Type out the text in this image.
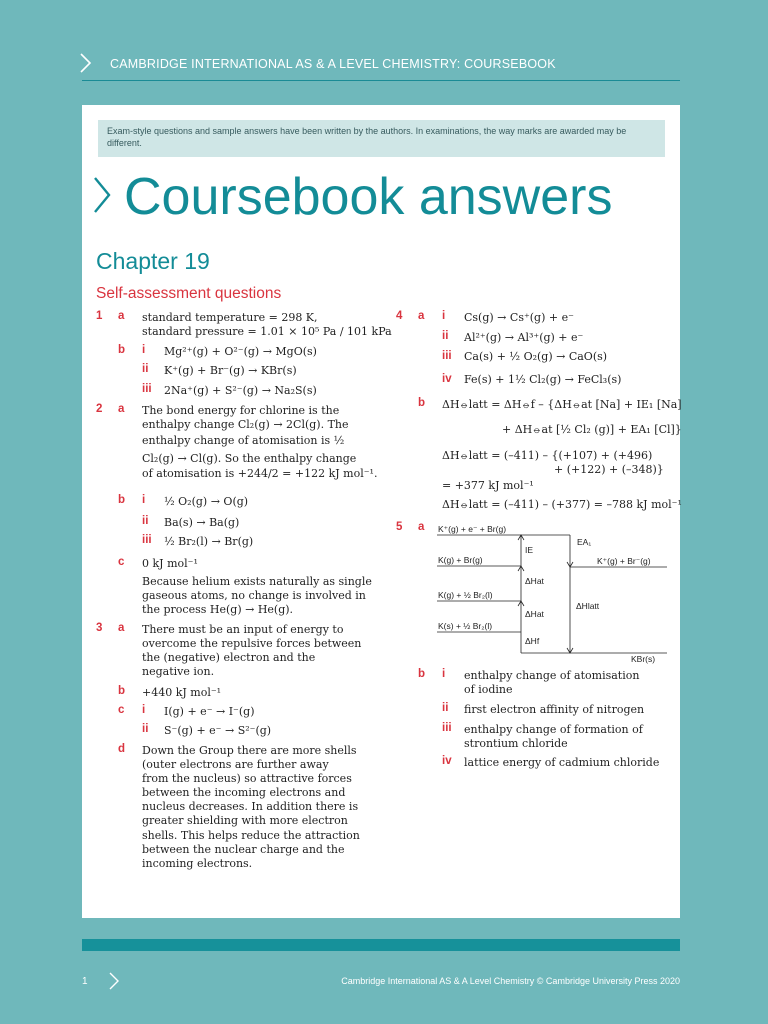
CAMBRIDGE INTERNATIONAL AS & A LEVEL CHEMISTRY: COURSEBOOK
Exam-style questions and sample answers have been written by the authors. In examinations, the way marks are awarded may be different.
Coursebook answers
Chapter 19
Self-assessment questions
1 a standard temperature = 298 K,
standard pressure = 1.01 × 10⁵ Pa / 101 kPa
b i Mg²⁺(g) + O²⁻(g) → MgO(s)
ii K⁺(g) + Br⁻(g) → KBr(s)
iii 2Na⁺(g) + S²⁻(g) → Na₂S(s)
2 a The bond energy for chlorine is the
enthalpy change Cl₂(g) → 2Cl(g). The
enthalpy change of atomisation is ½
Cl₂(g) → Cl(g). So the enthalpy change
of atomisation is +244/2 = +122 kJ mol⁻¹.
b i ½ O₂(g) → O(g)
ii Ba(s) → Ba(g)
iii ½ Br₂(l) → Br(g)
c 0 kJ mol⁻¹
Because helium exists naturally as single
gaseous atoms, no change is involved in
the process He(g) → He(g).
3 a There must be an input of energy to
overcome the repulsive forces between
the (negative) electron and the
negative ion.
b +440 kJ mol⁻¹
c i I(g) + e⁻ → I⁻(g)
ii S⁻(g) + e⁻ → S²⁻(g)
d Down the Group there are more shells
(outer electrons are further away
from the nucleus) so attractive forces
between the incoming electrons and
nucleus decreases. In addition there is
greater shielding with more electron
shells. This helps reduce the attraction
between the nuclear charge and the
incoming electrons.
4 a i Cs(g) → Cs⁺(g) + e⁻
ii Al²⁺(g) → Al³⁺(g) + e⁻
iii Ca(s) + ½ O₂(g) → CaO(s)
iv Fe(s) + 1½ Cl₂(g) → FeCl₃(s)
b ΔH⦵latt = ΔH⦵f – {ΔH⦵at [Na] + IE₁ [Na]
+ ΔH⦵at [½ Cl₂ (g)] + EA₁ [Cl]}
ΔH⦵latt = (–411) – {(+107) + (+496)
+ (+122) + (–348)}
= +377 kJ mol⁻¹
ΔH⦵latt = (–411) – (+377) = –788 kJ mol⁻¹
5 a K⁺(g) + e⁻ + Br(g)
K(g) + Br(g)
K(g) + ½ Br₂(l)
K(s) + ½ Br₂(l)
K⁺(g) + Br⁻(g)
KBr(s)
IE
EA₁
ΔHat
ΔHat
ΔHf
ΔHlatt
b i enthalpy change of atomisation
of iodine
ii first electron affinity of nitrogen
iii enthalpy change of formation of
strontium chloride
iv lattice energy of cadmium chloride
1	Cambridge International AS & A Level Chemistry © Cambridge University Press 2020
